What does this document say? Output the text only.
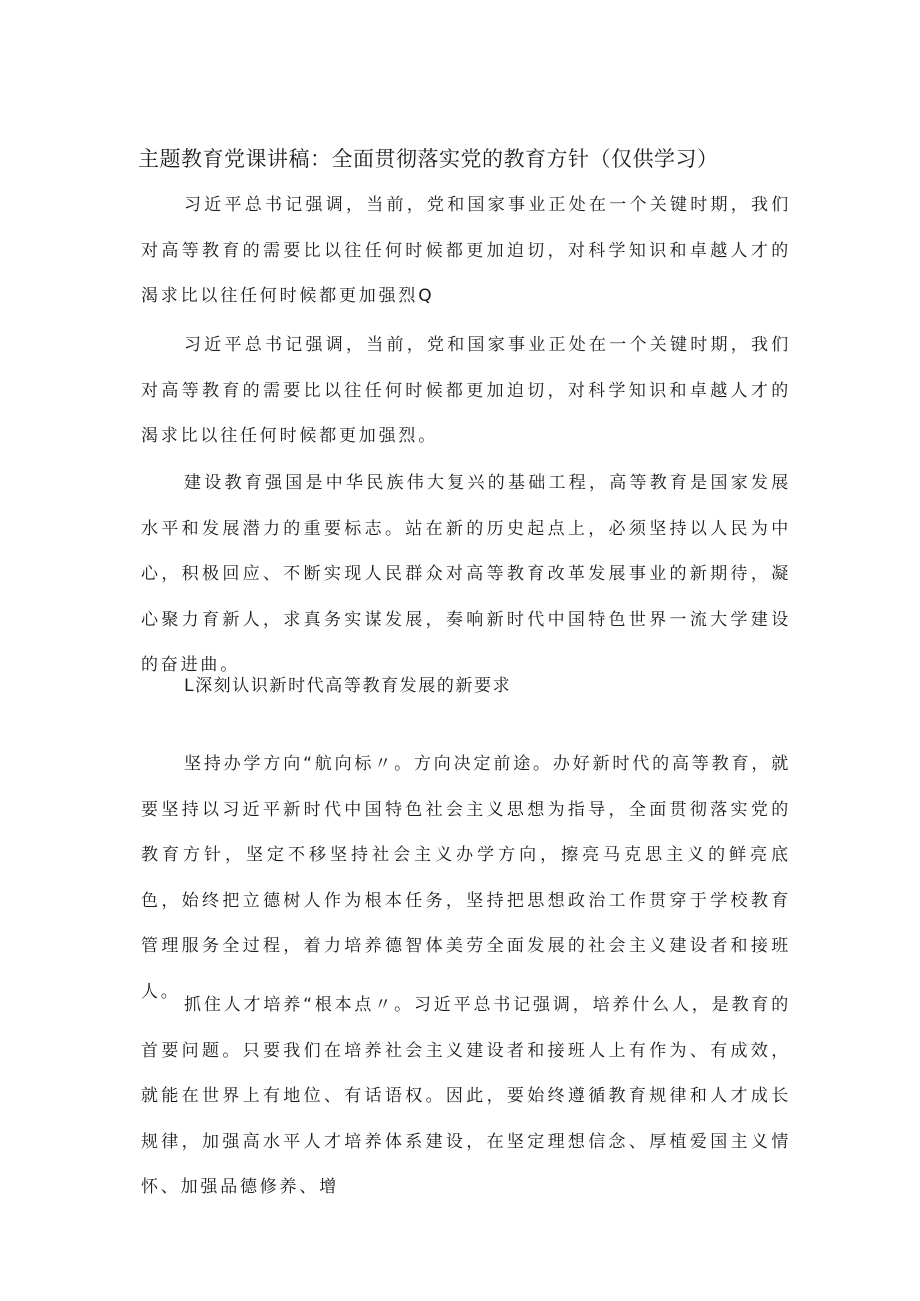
主题教育党课讲稿：全面贯彻落实党的教育方针（仅供学习）

习近平总书记强调，当前，党和国家事业正处在一个关键时期，我们对高等教育的需要比以往任何时候都更加迫切，对科学知识和卓越人才的渴求比以往任何时候都更加强烈Q

习近平总书记强调，当前，党和国家事业正处在一个关键时期，我们对高等教育的需要比以往任何时候都更加迫切，对科学知识和卓越人才的渴求比以往任何时候都更加强烈。

建设教育强国是中华民族伟大复兴的基础工程，高等教育是国家发展水平和发展潜力的重要标志。站在新的历史起点上，必须坚持以人民为中心，积极回应、不断实现人民群众对高等教育改革发展事业的新期待，凝心聚力育新人，求真务实谋发展，奏响新时代中国特色世界一流大学建设的奋进曲。

L深刻认识新时代高等教育发展的新要求

坚持办学方向“航向标〃。方向决定前途。办好新时代的高等教育，就要坚持以习近平新时代中国特色社会主义思想为指导，全面贯彻落实党的教育方针，坚定不移坚持社会主义办学方向，擦亮马克思主义的鲜亮底色，始终把立德树人作为根本任务，坚持把思想政治工作贯穿于学校教育管理服务全过程，着力培养德智体美劳全面发展的社会主义建设者和接班人。

抓住人才培养“根本点〃。习近平总书记强调，培养什么人，是教育的首要问题。只要我们在培养社会主义建设者和接班人上有作为、有成效，就能在世界上有地位、有话语权。因此，要始终遵循教育规律和人才成长规律，加强高水平人才培养体系建设，在坚定理想信念、厚植爱国主义情怀、加强品德修养、增
